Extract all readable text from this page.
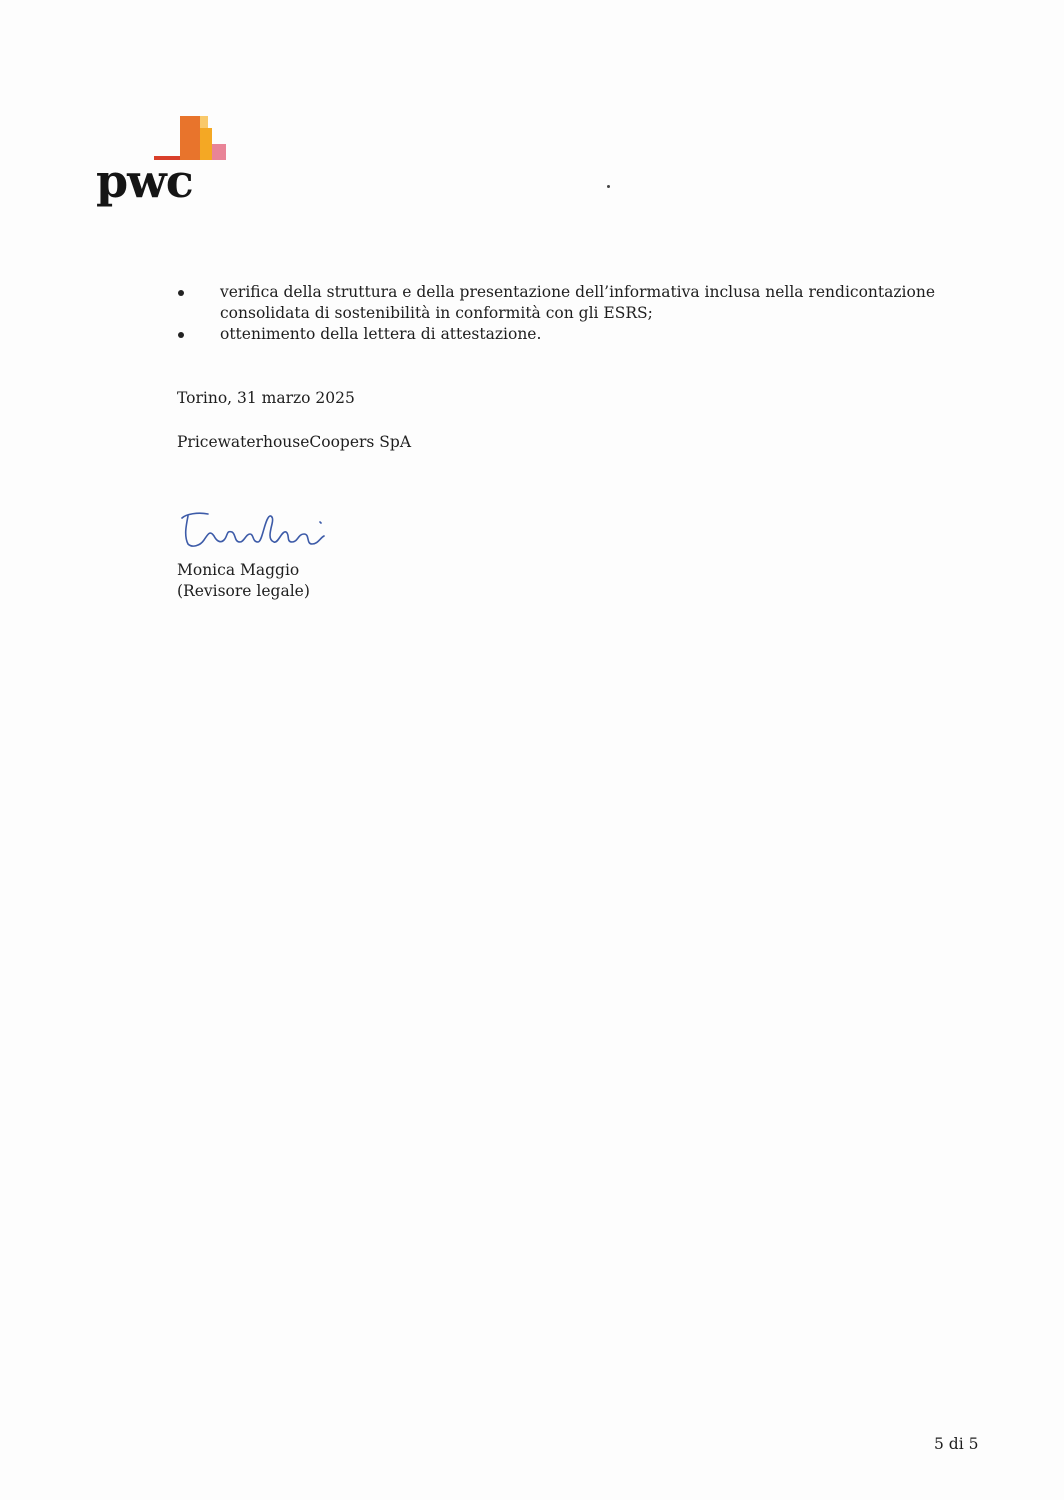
pwc
verifica della struttura e della presentazione dell’informativa inclusa nella rendicontazione consolidata di sostenibilità in conformità con gli ESRS;
ottenimento della lettera di attestazione.
Torino, 31 marzo 2025
PricewaterhouseCoopers SpA
Monica Maggio
(Revisore legale)
5 di 5
